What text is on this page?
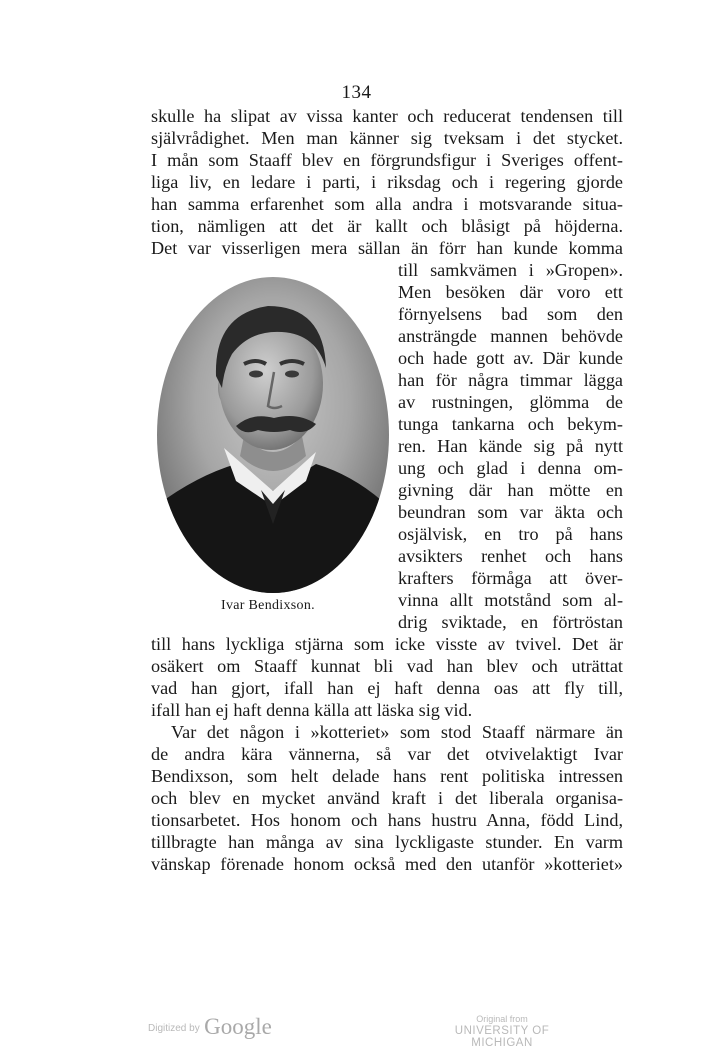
134
skulle ha slipat av vissa kanter och reducerat tendensen till
självrådighet. Men man känner sig tveksam i det stycket.
I mån som Staaff blev en förgrundsfigur i Sveriges offent-
liga liv, en ledare i parti, i riksdag och i regering gjorde
han samma erfarenhet som alla andra i motsvarande situa-
tion, nämligen att det är kallt och blåsigt på höjderna.
Det var visserligen mera sällan än förr han kunde komma
till samkvämen i »Gropen».
Men besöken där voro ett
förnyelsens bad som den
ansträngde mannen behövde
och hade gott av. Där kunde
han för några timmar lägga
av rustningen, glömma de
tunga tankarna och bekym-
ren. Han kände sig på nytt
ung och glad i denna om-
givning där han mötte en
beundran som var äkta och
osjälvisk, en tro på hans
avsikters renhet och hans
krafters förmåga att över-
vinna allt motstånd som al-
drig sviktade, en förtröstan
Ivar Bendixson.
till hans lyckliga stjärna som icke visste av tvivel. Det är
osäkert om Staaff kunnat bli vad han blev och uträttat
vad han gjort, ifall han ej haft denna oas att fly till,
ifall han ej haft denna källa att läska sig vid.
Var det någon i »kotteriet» som stod Staaff närmare än
de andra kära vännerna, så var det otvivelaktigt Ivar
Bendixson, som helt delade hans rent politiska intressen
och blev en mycket använd kraft i det liberala organisa-
tionsarbetet. Hos honom och hans hustru Anna, född Lind,
tillbragte han många av sina lyckligaste stunder. En varm
vänskap förenade honom också med den utanför »kotteriet»
Digitized by Google	Original from
UNIVERSITY OF MICHIGAN
